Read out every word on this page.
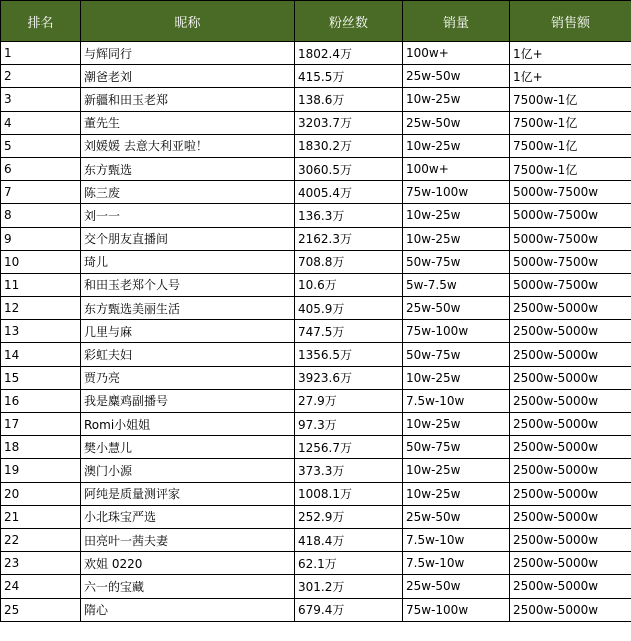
排名	昵称	粉丝数	销量	销售额
1	与辉同行	1802.4万	100w+	1亿+
2	潮爸老刘	415.5万	25w-50w	1亿+
3	新疆和田玉老郑	138.6万	10w-25w	7500w-1亿
4	董先生	3203.7万	25w-50w	7500w-1亿
5	刘媛媛 去意大利亚啦！	1830.2万	10w-25w	7500w-1亿
6	东方甄选	3060.5万	100w+	7500w-1亿
7	陈三废	4005.4万	75w-100w	5000w-7500w
8	刘一一	136.3万	10w-25w	5000w-7500w
9	交个朋友直播间	2162.3万	10w-25w	5000w-7500w
10	琦儿	708.8万	50w-75w	5000w-7500w
11	和田玉老郑个人号	10.6万	5w-7.5w	5000w-7500w
12	东方甄选美丽生活	405.9万	25w-50w	2500w-5000w
13	几里与麻	747.5万	75w-100w	2500w-5000w
14	彩虹夫妇	1356.5万	50w-75w	2500w-5000w
15	贾乃亮	3923.6万	10w-25w	2500w-5000w
16	我是麋鸡副播号	27.9万	7.5w-10w	2500w-5000w
17	Romi小姐姐	97.3万	10w-25w	2500w-5000w
18	樊小慧儿	1256.7万	50w-75w	2500w-5000w
19	澳门小源	373.3万	10w-25w	2500w-5000w
20	阿纯是质量测评家	1008.1万	10w-25w	2500w-5000w
21	小北珠宝严选	252.9万	25w-50w	2500w-5000w
22	田亮叶一茜夫妻	418.4万	7.5w-10w	2500w-5000w
23	欢姐 0220	62.1万	7.5w-10w	2500w-5000w
24	六一的宝藏	301.2万	25w-50w	2500w-5000w
25	隋心	679.4万	75w-100w	2500w-5000w
